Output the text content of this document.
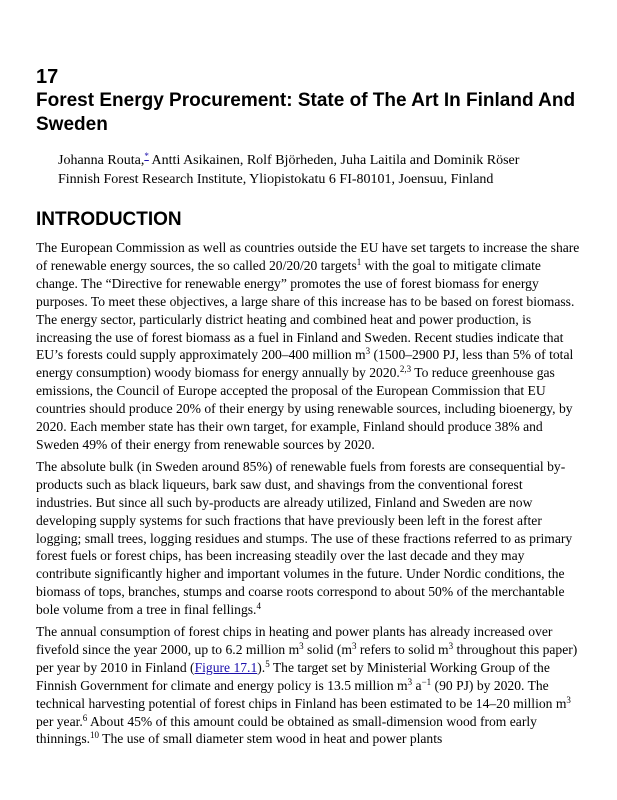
17
Forest Energy Procurement: State of The Art In Finland And Sweden
Johanna Routa,* Antti Asikainen, Rolf Björheden, Juha Laitila and Dominik Röser
Finnish Forest Research Institute, Yliopistokatu 6 FI-80101, Joensuu, Finland
INTRODUCTION

The European Commission as well as countries outside the EU have set targets to increase the share of renewable energy sources, the so called 20/20/20 targets$^1$ with the goal to mitigate climate change. The “Directive for renewable energy” promotes the use of forest biomass for energy purposes. To meet these objectives, a large share of this increase has to be based on forest biomass. The energy sector, particularly district heating and combined heat and power production, is increasing the use of forest biomass as a fuel in Finland and Sweden. Recent studies indicate that EU’s forests could supply approximately 200–400 million $m^3$ (1500–2900 PJ, less than 5% of total energy consumption) woody biomass for energy annually by 2020.$^{2,3}$ To reduce greenhouse gas emissions, the Council of Europe accepted the proposal of the European Commission that EU countries should produce 20% of their energy by using renewable sources, including bioenergy, by 2020. Each member state has their own target, for example, Finland should produce 38% and Sweden 49% of their energy from renewable sources by 2020.

The absolute bulk (in Sweden around 85%) of renewable fuels from forests are consequential by-products such as black liqueurs, bark saw dust, and shavings from the conventional forest industries. But since all such by-products are already utilized, Finland and Sweden are now developing supply systems for such fractions that have previously been left in the forest after logging; small trees, logging residues and stumps. The use of these fractions referred to as primary forest fuels or forest chips, has been increasing steadily over the last decade and they may contribute significantly higher and important volumes in the future. Under Nordic conditions, the biomass of tops, branches, stumps and coarse roots correspond to about 50% of the merchantable bole volume from a tree in final fellings.$^4$

The annual consumption of forest chips in heating and power plants has already increased over fivefold since the year 2000, up to 6.2 million $m^3$ solid ($m^3$ refers to solid $m^3$ throughout this paper) per year by 2010 in Finland (Figure 17.1).$^5$ The target set by Ministerial Working Group of the Finnish Government for climate and energy policy is 13.5 million $m^3$ $a^{-1}$ (90 PJ) by 2020. The technical harvesting potential of forest chips in Finland has been estimated to be 14–20 million $m^3$ per year.$^6$ About 45% of this amount could be obtained as small-dimension wood from early thinnings.$^{10}$ The use of small diameter stem wood in heat and power plants
